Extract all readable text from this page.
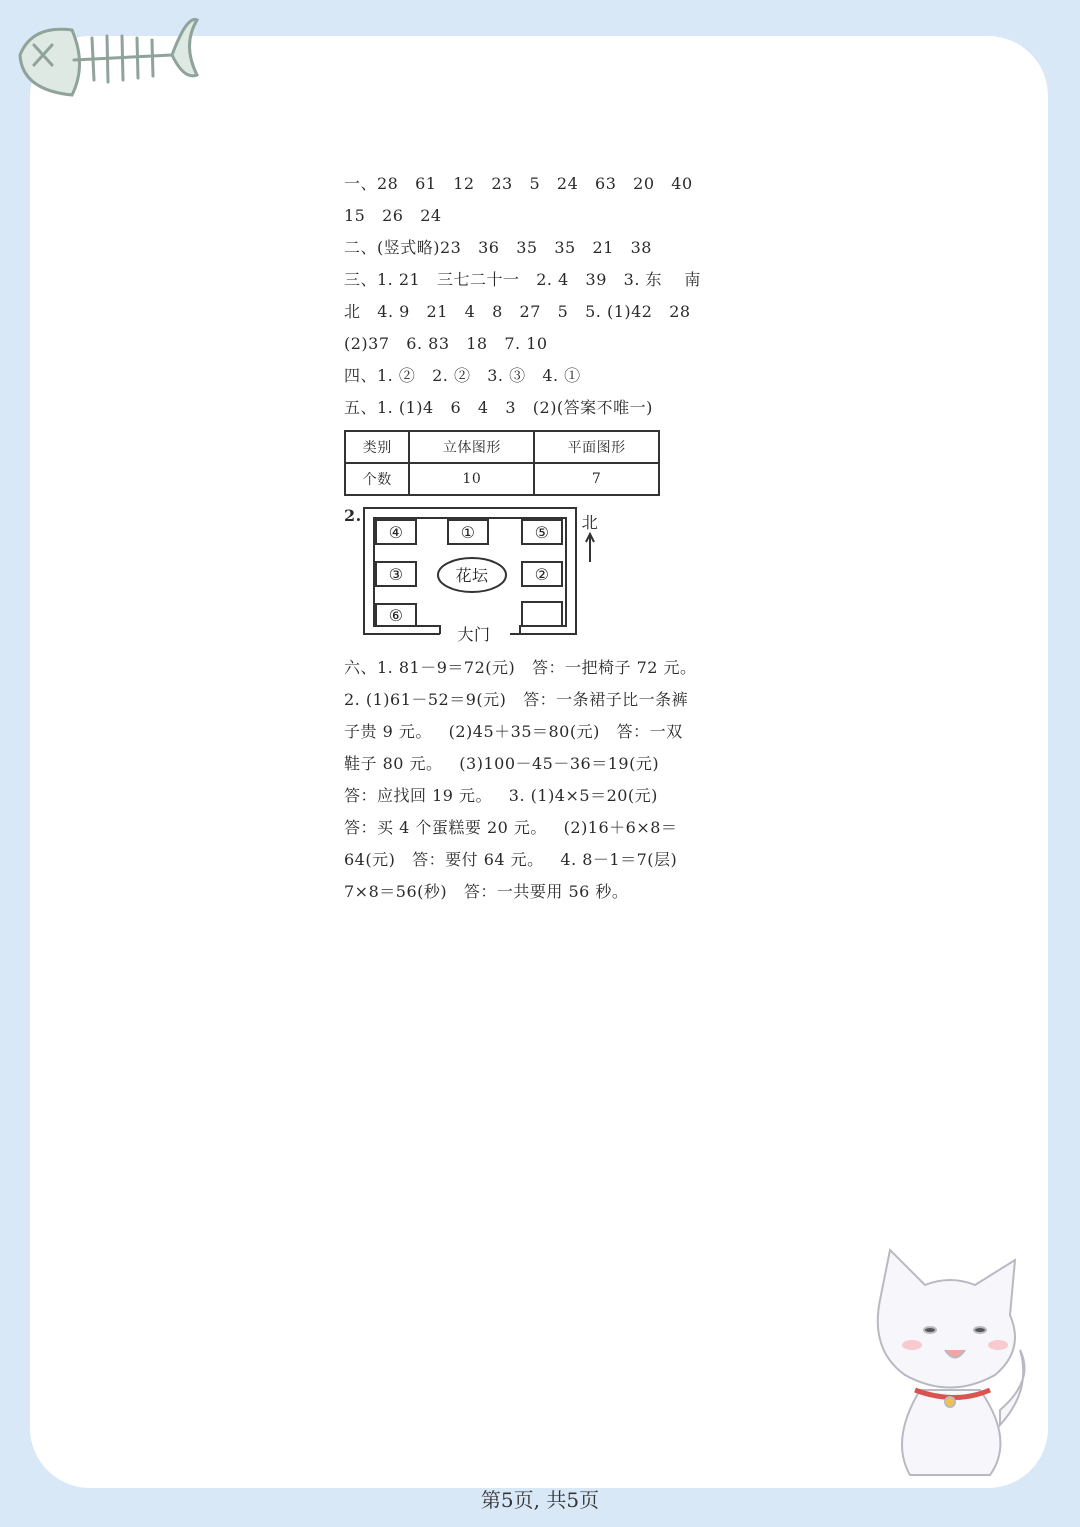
一、28   61   12   23   5   24   63   20   40
15   26   24
二、(竖式略)23   36   35   35   21   38
三、1. 21   三七二十一   2. 4   39   3. 东    南
北   4. 9   21   4   8   27   5   5. (1)42   28
(2)37   6. 83   18   7. 10
四、1. ②   2. ②   3. ③   4. ①
五、1. (1)4   6   4   3   (2)(答案不唯一)
类别	立体图形	平面图形
个数	10	7
2.
④	①	⑤
③	②
⑥
花坛
大门
北
六、1. 81－9＝72(元)   答：一把椅子 72 元。
2. (1)61－52＝9(元)   答：一条裙子比一条裤
子贵 9 元。   (2)45＋35＝80(元)   答：一双
鞋子 80 元。   (3)100－45－36＝19(元)
答：应找回 19 元。   3. (1)4×5＝20(元)
答：买 4 个蛋糕要 20 元。   (2)16＋6×8＝
64(元)   答：要付 64 元。   4. 8－1＝7(层)
7×8＝56(秒)   答：一共要用 56 秒。
第5页, 共5页
